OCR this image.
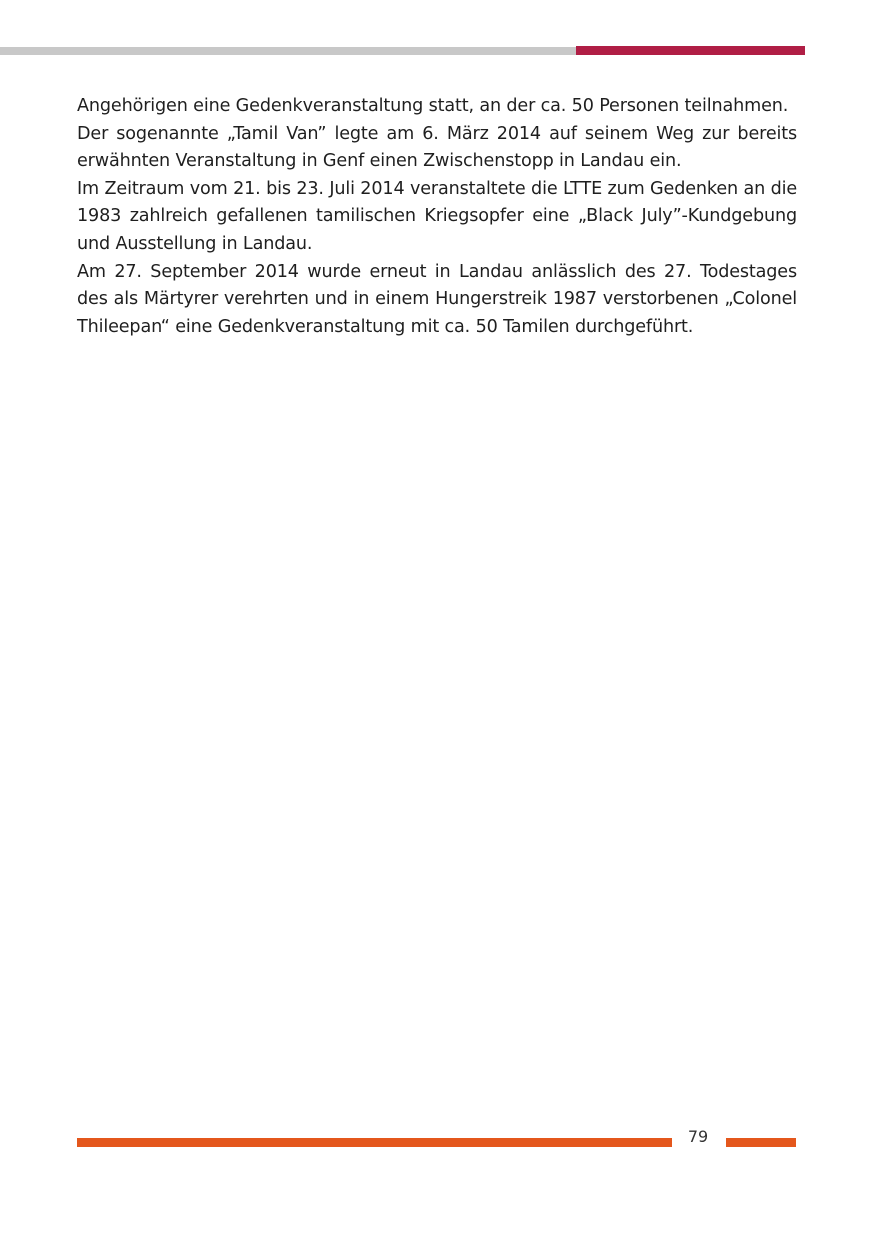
Angehörigen eine Gedenkveranstaltung statt, an der ca. 50 Personen teilnahmen.

Der sogenannte „Tamil Van” legte am 6. März 2014 auf seinem Weg zur bereits erwähnten Veranstaltung in Genf einen Zwischenstopp in Landau ein.

Im Zeitraum vom 21. bis 23. Juli 2014 veranstaltete die LTTE zum Gedenken an die 1983 zahlreich gefallenen tamilischen Kriegsopfer eine „Black July”-Kundgebung und Ausstellung in Landau.

Am 27. September 2014 wurde erneut in Landau anlässlich des 27. Todestages des als Märtyrer verehrten und in einem Hungerstreik 1987 verstorbenen „Colonel Thileepan“ eine Gedenkveranstaltung mit ca. 50 Tamilen durchgeführt.

79
